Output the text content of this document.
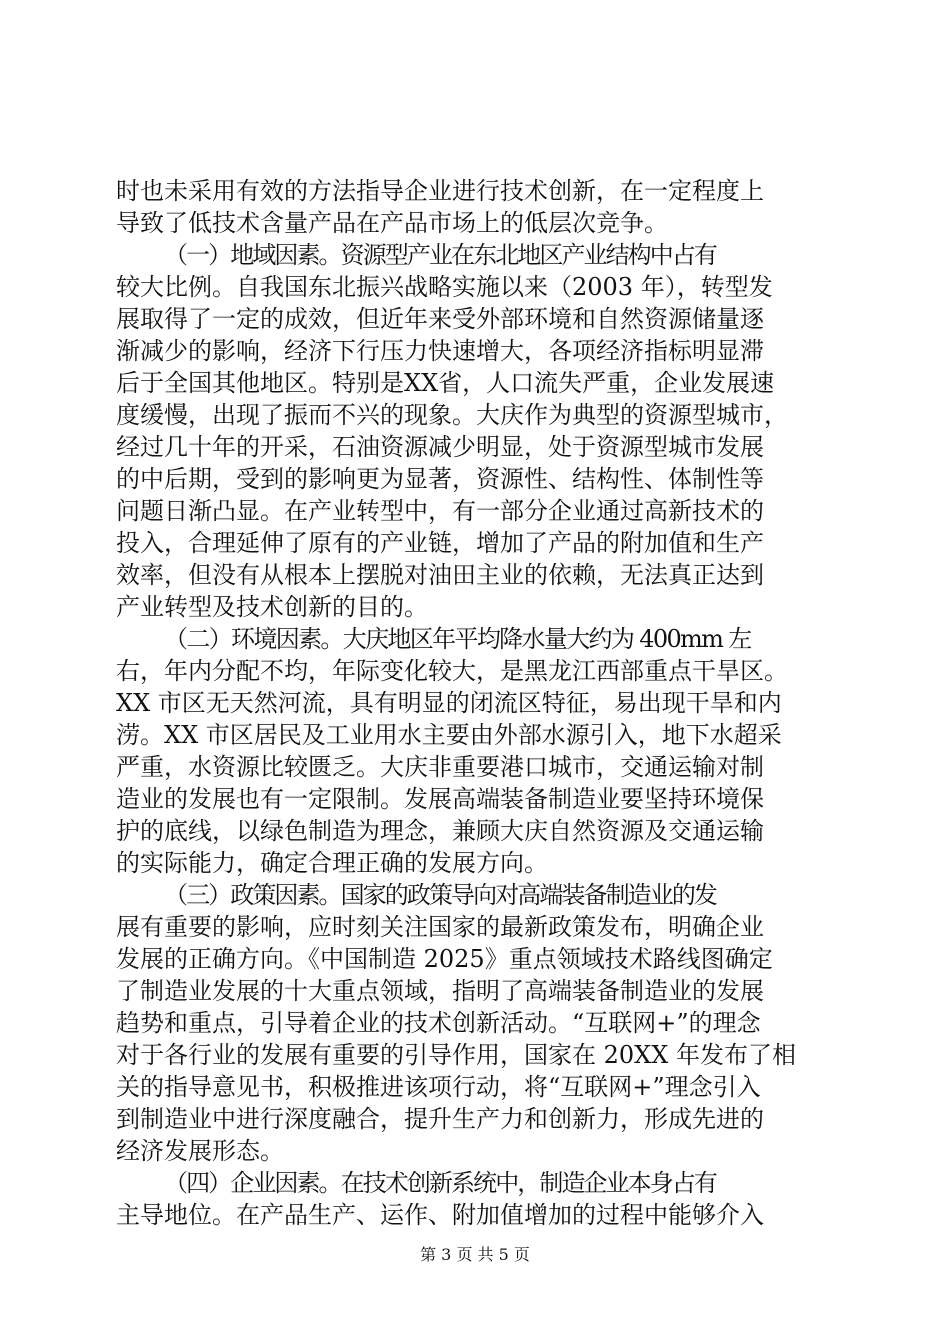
时也未采用有效的方法指导企业进行技术创新，在一定程度上
导致了低技术含量产品在产品市场上的低层次竞争。
（一）地域因素。资源型产业在东北地区产业结构中占有
较大比例。自我国东北振兴战略实施以来（2003 年），转型发
展取得了一定的成效，但近年来受外部环境和自然资源储量逐
渐减少的影响，经济下行压力快速增大，各项经济指标明显滞
后于全国其他地区。特别是XX省，人口流失严重，企业发展速
度缓慢，出现了振而不兴的现象。大庆作为典型的资源型城市，
经过几十年的开采，石油资源减少明显，处于资源型城市发展
的中后期，受到的影响更为显著，资源性、结构性、体制性等
问题日渐凸显。在产业转型中，有一部分企业通过高新技术的
投入，合理延伸了原有的产业链，增加了产品的附加值和生产
效率，但没有从根本上摆脱对油田主业的依赖，无法真正达到
产业转型及技术创新的目的。
（二）环境因素。大庆地区年平均降水量大约为 400mm 左
右，年内分配不均，年际变化较大，是黑龙江西部重点干旱区。
XX 市区无天然河流，具有明显的闭流区特征，易出现干旱和内
涝。XX 市区居民及工业用水主要由外部水源引入，地下水超采
严重，水资源比较匮乏。大庆非重要港口城市，交通运输对制
造业的发展也有一定限制。发展高端装备制造业要坚持环境保
护的底线，以绿色制造为理念，兼顾大庆自然资源及交通运输
的实际能力，确定合理正确的发展方向。
（三）政策因素。国家的政策导向对高端装备制造业的发
展有重要的影响，应时刻关注国家的最新政策发布，明确企业
发展的正确方向。《中国制造 2025》重点领域技术路线图确定
了制造业发展的十大重点领域，指明了高端装备制造业的发展
趋势和重点，引导着企业的技术创新活动。“互联网+”的理念
对于各行业的发展有重要的引导作用，国家在 20XX 年发布了相
关的指导意见书，积极推进该项行动，将“互联网+”理念引入
到制造业中进行深度融合，提升生产力和创新力，形成先进的
经济发展形态。
（四）企业因素。在技术创新系统中，制造企业本身占有
主导地位。在产品生产、运作、附加值增加的过程中能够介入
第 3 页 共 5 页
